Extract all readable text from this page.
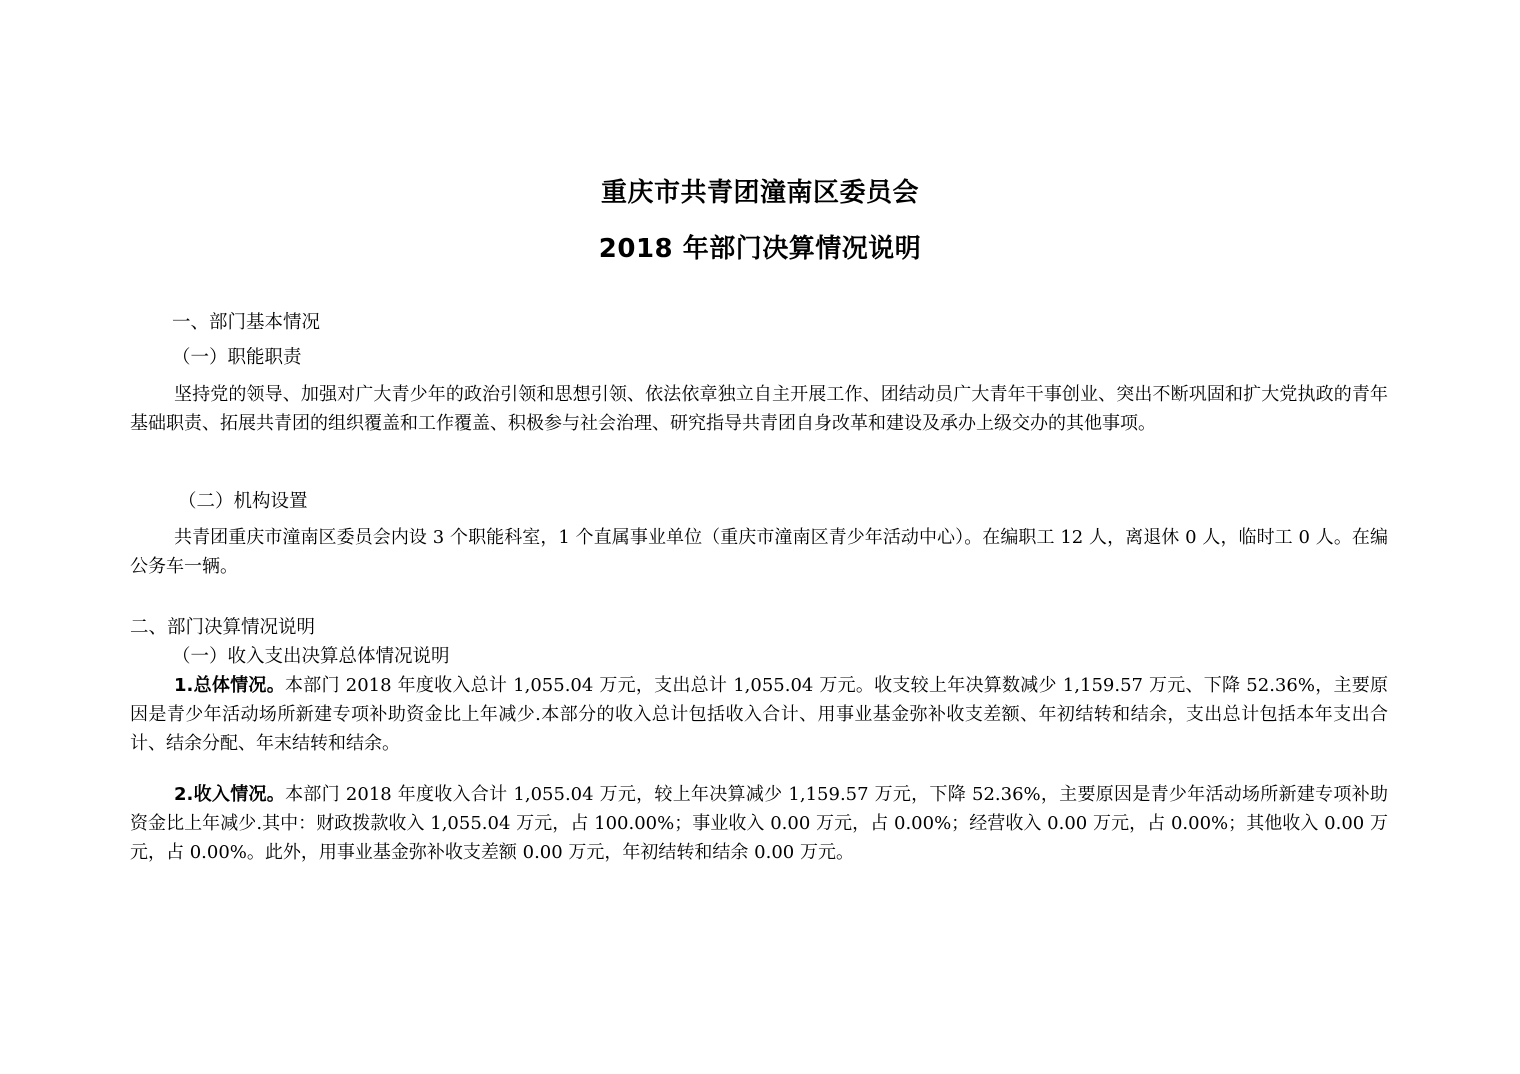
重庆市共青团潼南区委员会
2018 年部门决算情况说明
一、部门基本情况
（一）职能职责
坚持党的领导、加强对广大青少年的政治引领和思想引领、依法依章独立自主开展工作、团结动员广大青年干事创业、突出不断巩固和扩大党执政的青年基础职责、拓展共青团的组织覆盖和工作覆盖、积极参与社会治理、研究指导共青团自身改革和建设及承办上级交办的其他事项。
（二）机构设置
共青团重庆市潼南区委员会内设 3 个职能科室，1 个直属事业单位（重庆市潼南区青少年活动中心）。在编职工 12 人，离退休 0 人，临时工 0 人。在编公务车一辆。
二、部门决算情况说明
（一）收入支出决算总体情况说明
1.总体情况。本部门 2018 年度收入总计 1,055.04 万元，支出总计 1,055.04 万元。收支较上年决算数减少 1,159.57 万元、下降 52.36%，主要原因是青少年活动场所新建专项补助资金比上年减少.本部分的收入总计包括收入合计、用事业基金弥补收支差额、年初结转和结余，支出总计包括本年支出合计、结余分配、年末结转和结余。
2.收入情况。本部门 2018 年度收入合计 1,055.04 万元，较上年决算减少 1,159.57 万元，下降 52.36%，主要原因是青少年活动场所新建专项补助资金比上年减少.其中：财政拨款收入 1,055.04 万元，占 100.00%；事业收入 0.00 万元，占 0.00%；经营收入 0.00 万元，占 0.00%；其他收入 0.00 万元，占 0.00%。此外，用事业基金弥补收支差额 0.00 万元，年初结转和结余 0.00 万元。
